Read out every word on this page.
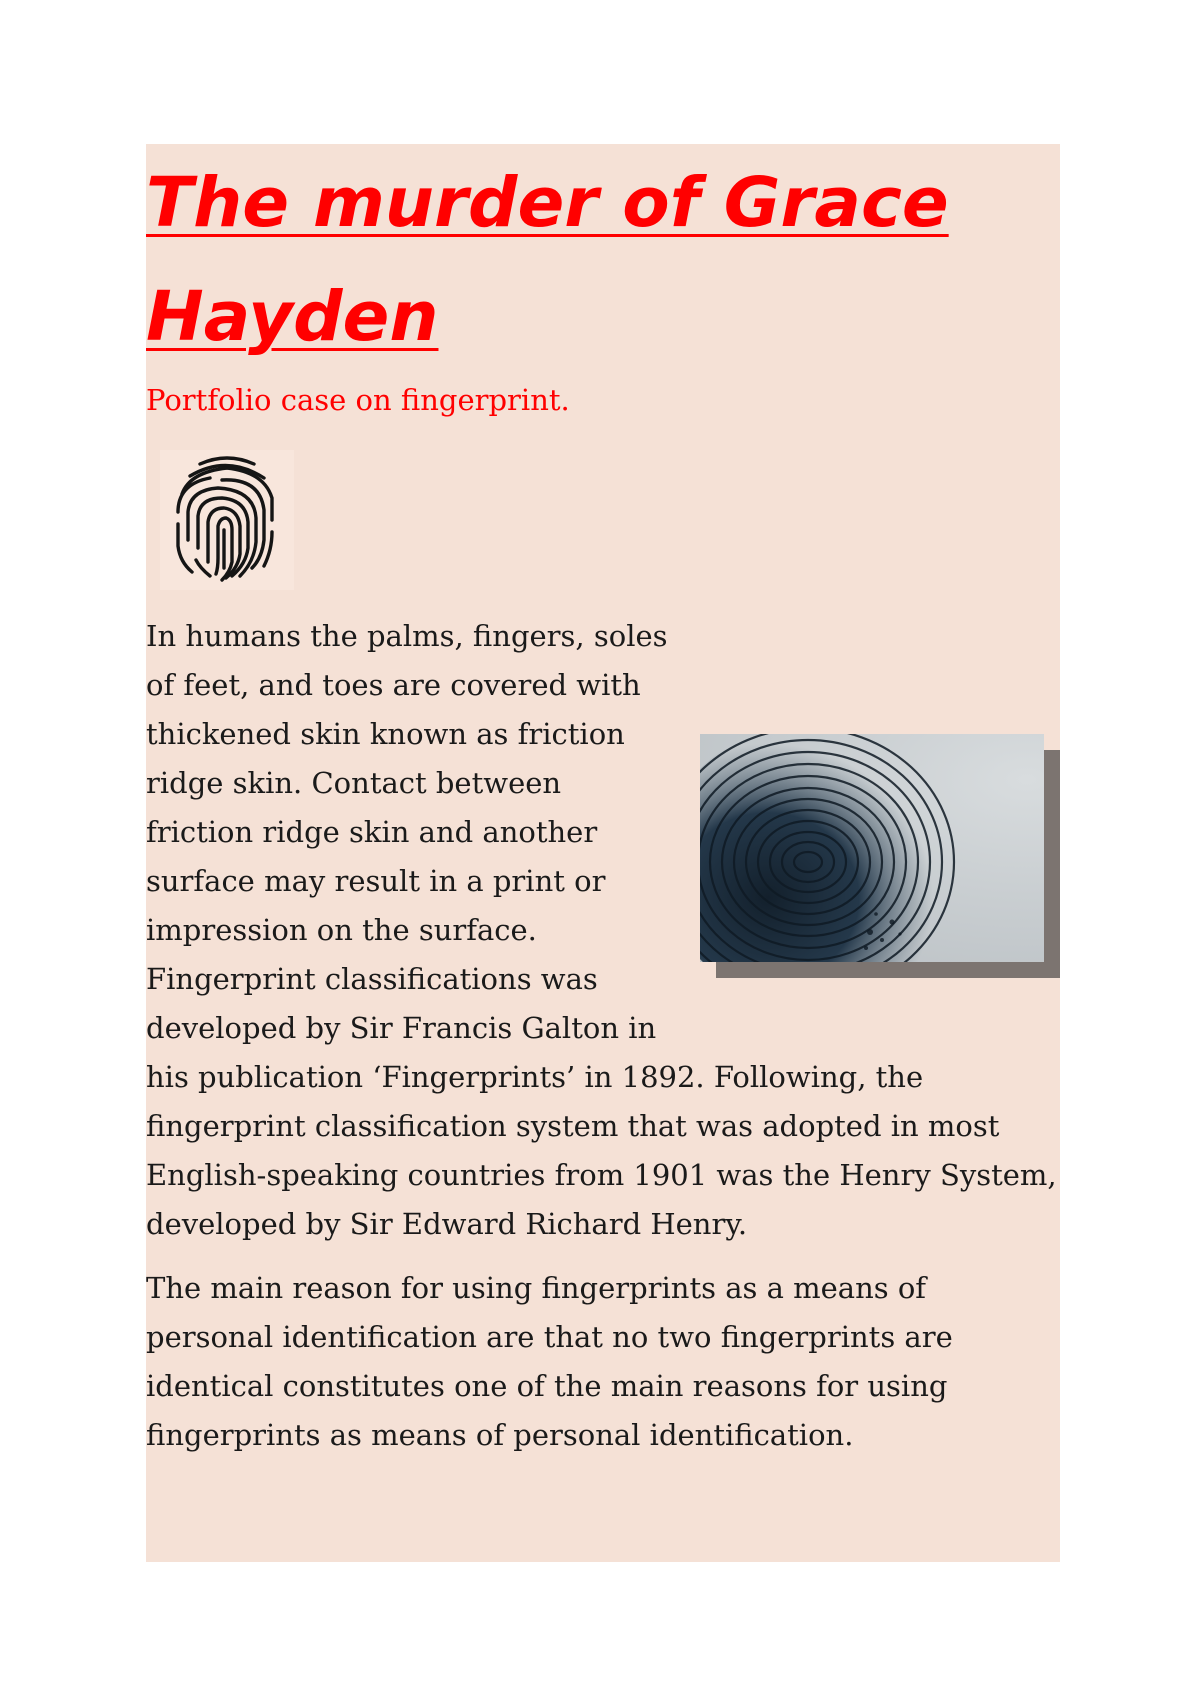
The murder of Grace Hayden
Portfolio case on fingerprint.

In humans the palms, fingers, soles of feet, and toes are covered with thickened skin known as friction ridge skin. Contact between friction ridge skin and another surface may result in a print or impression on the surface. Fingerprint classifications was developed by Sir Francis Galton in his publication ‘Fingerprints’ in 1892. Following, the fingerprint classification system that was adopted in most English-speaking countries from 1901 was the Henry System, developed by Sir Edward Richard Henry.

The main reason for using fingerprints as a means of personal identification are that no two fingerprints are identical constitutes one of the main reasons for using fingerprints as means of personal identification.
